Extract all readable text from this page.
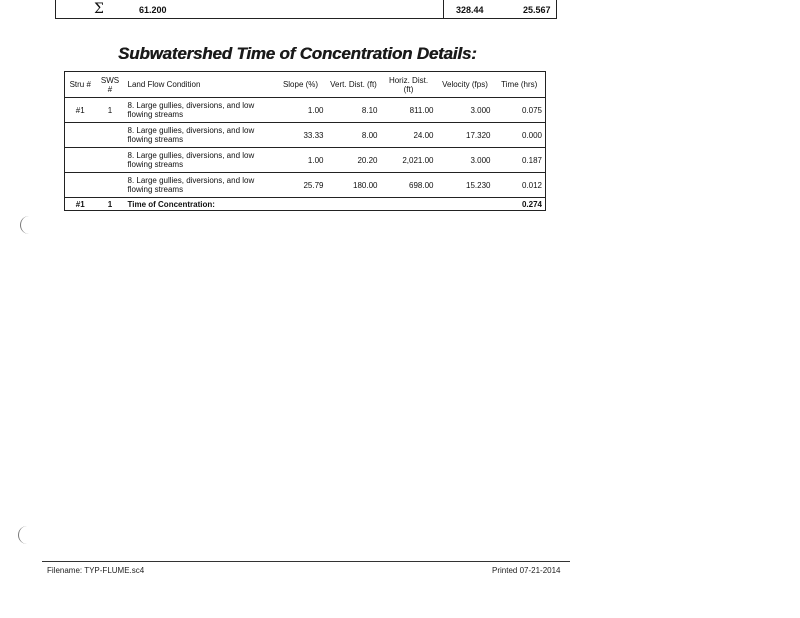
Σ	61.200	328.44	25.567
Subwatershed Time of Concentration Details:
Stru #	SWS #	Land Flow Condition	Slope (%)	Vert. Dist. (ft)	Horiz. Dist. (ft)	Velocity (fps)	Time (hrs)
#1	1	8. Large gullies, diversions, and low flowing streams	1.00	8.10	811.00	3.000	0.075
		8. Large gullies, diversions, and low flowing streams	33.33	8.00	24.00	17.320	0.000
		8. Large gullies, diversions, and low flowing streams	1.00	20.20	2,021.00	3.000	0.187
		8. Large gullies, diversions, and low flowing streams	25.79	180.00	698.00	15.230	0.012
#1	1	Time of Concentration:					0.274
Filename: TYP-FLUME.sc4	Printed 07-21-2014
